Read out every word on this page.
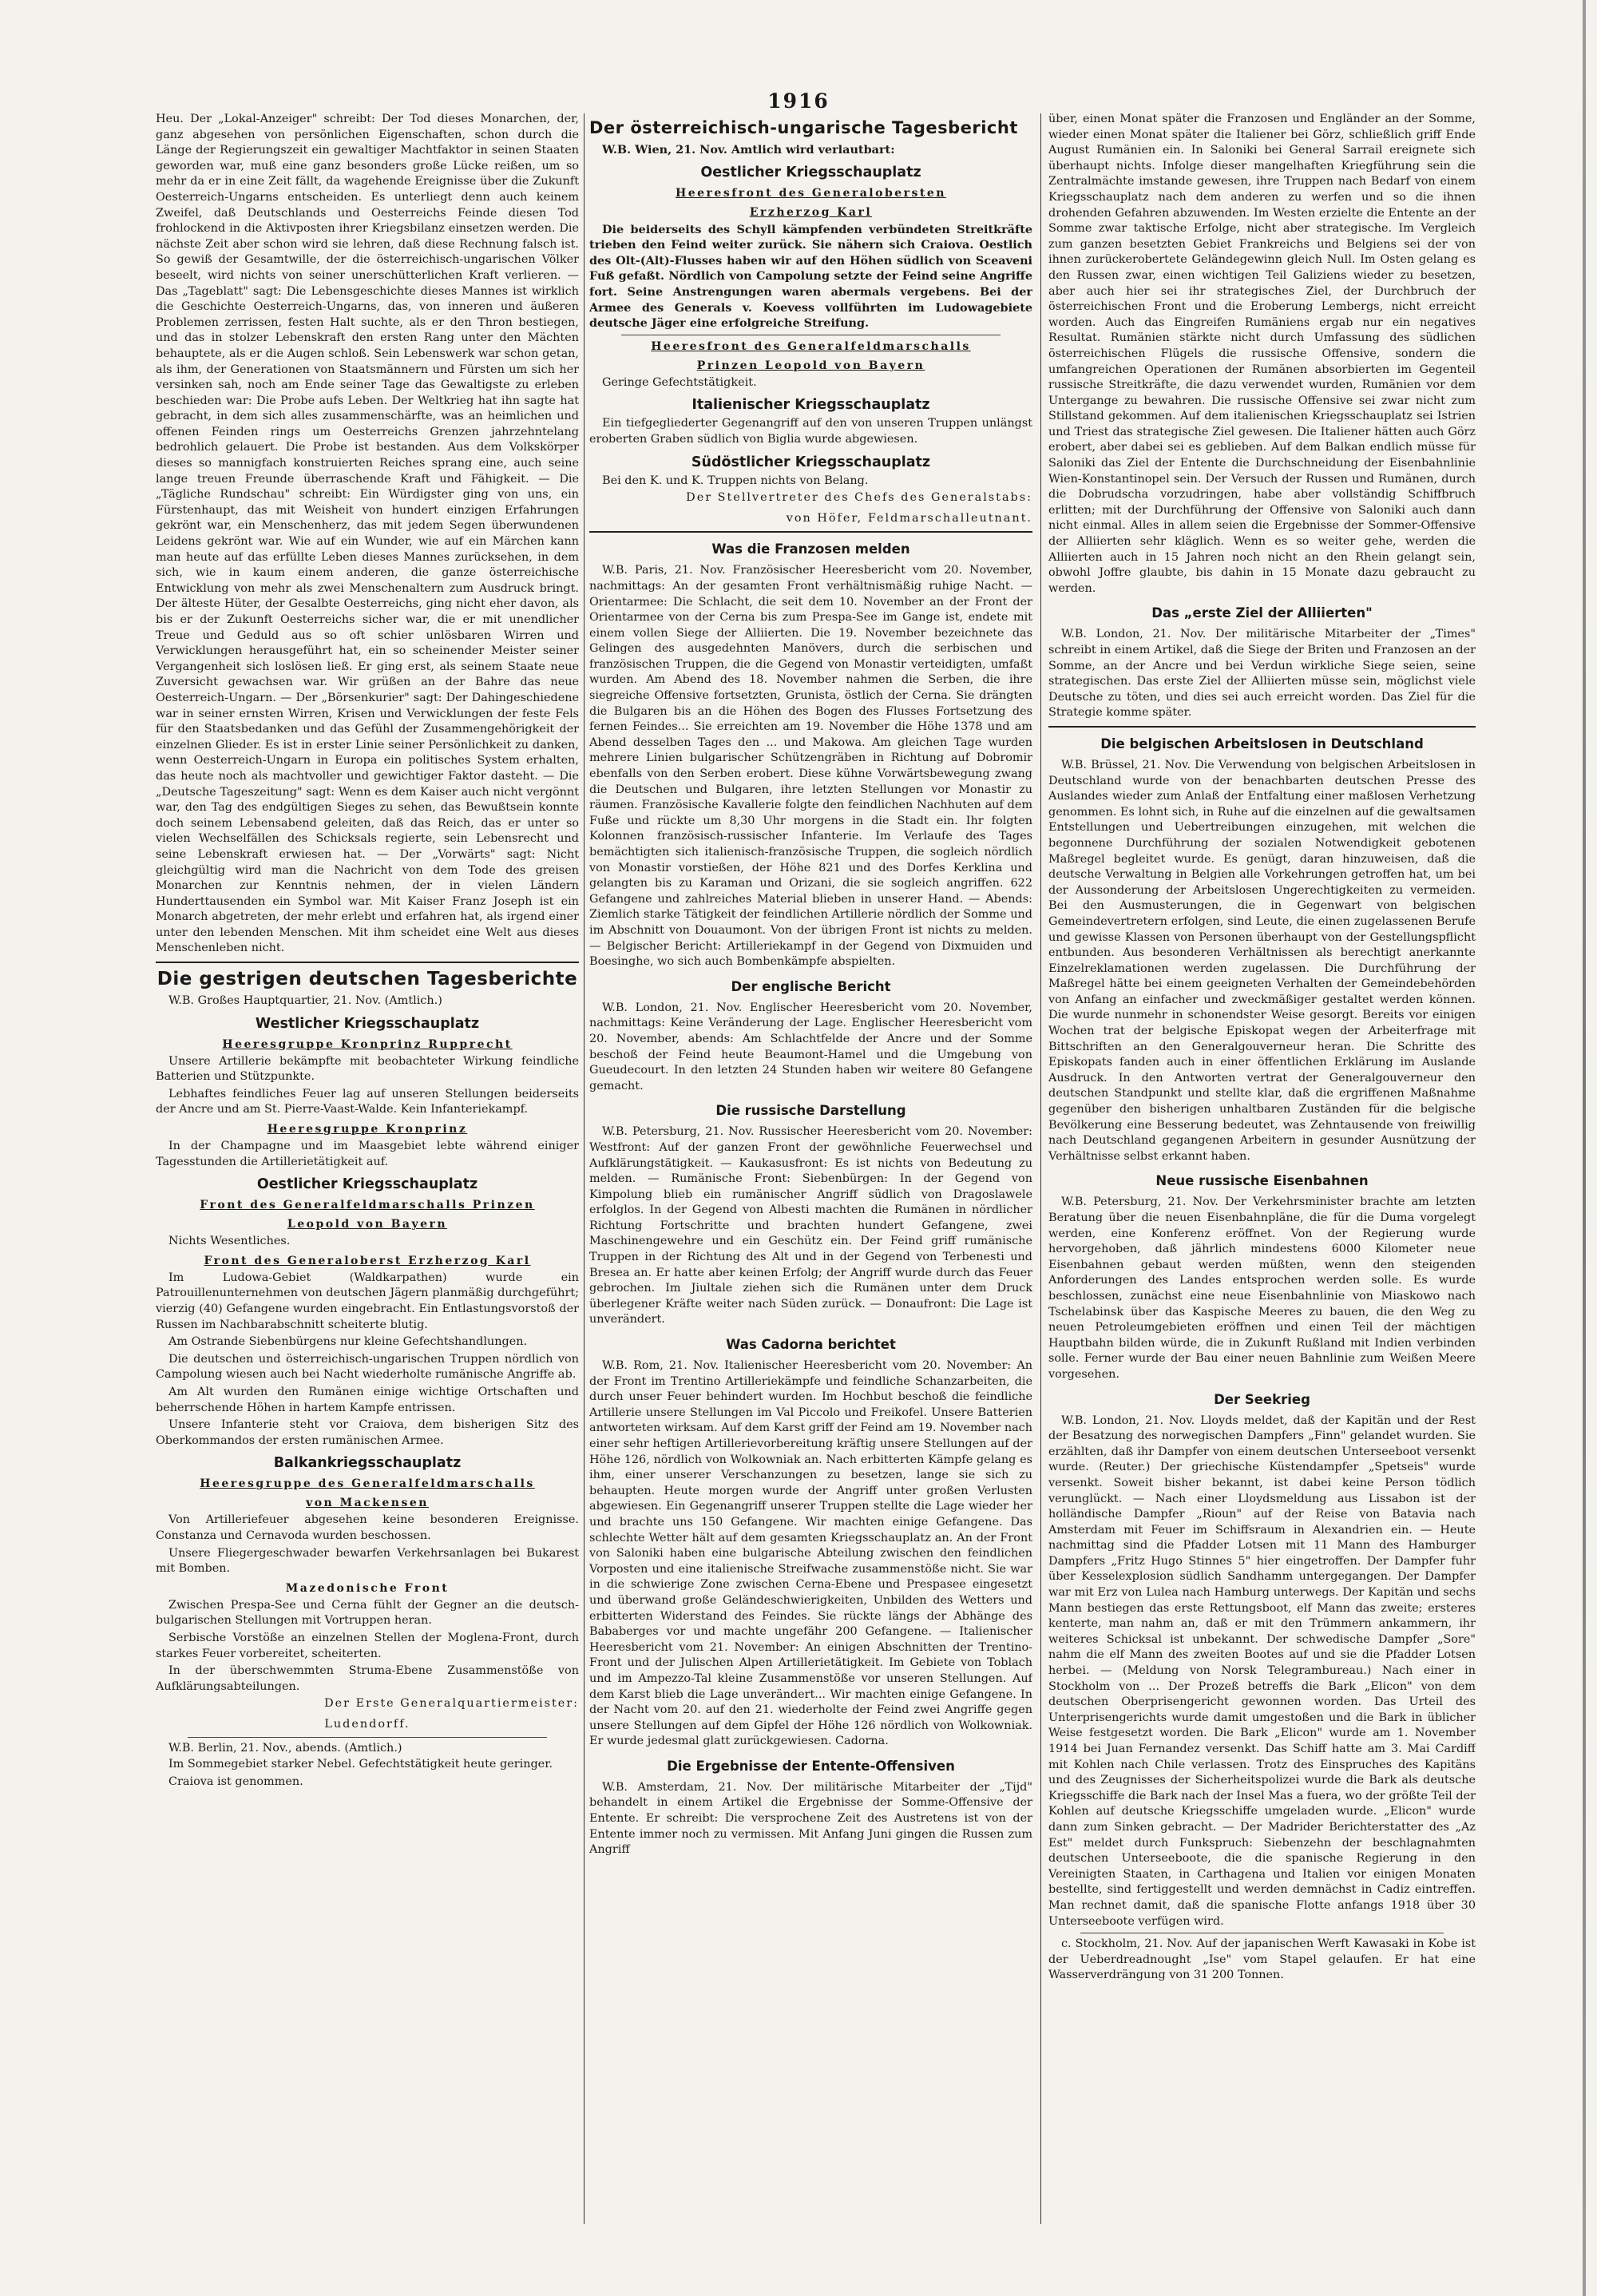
1916

Heu. Der „Lokal-Anzeiger" schreibt: Der Tod dieses Monarchen, der, ganz abgesehen von persönlichen Eigenschaften, schon durch die Länge der Regierungszeit ein gewaltiger Machtfaktor in seinen Staaten geworden war, muß eine ganz besonders große Lücke reißen, um so mehr da er in eine Zeit fällt, da wagehende Ereignisse über die Zukunft Oesterreich-Ungarns entscheiden. Es unterliegt denn auch keinem Zweifel, daß Deutschlands und Oesterreichs Feinde diesen Tod frohlockend in die Aktivposten ihrer Kriegsbilanz einsetzen werden. Die nächste Zeit aber schon wird sie lehren, daß diese Rechnung falsch ist. So gewiß der Gesamtwille, der die österreichisch-ungarischen Völker beseelt, wird nichts von seiner unerschütterlichen Kraft verlieren. — Das „Tageblatt" sagt: Die Lebensgeschichte dieses Mannes ist wirklich die Geschichte Oesterreich-Ungarns, das, von inneren und äußeren Problemen zerrissen, festen Halt suchte, als er den Thron bestiegen, und das in stolzer Lebenskraft den ersten Rang unter den Mächten behauptete, als er die Augen schloß. Sein Lebenswerk war schon getan, als ihm, der Generationen von Staatsmännern und Fürsten um sich her versinken sah, noch am Ende seiner Tage das Gewaltigste zu erleben beschieden war: Die Probe aufs Leben. Der Weltkrieg hat ihn sagte hat gebracht, in dem sich alles zusammenschärfte, was an heimlichen und offenen Feinden rings um Oesterreichs Grenzen jahrzehntelang bedrohlich gelauert. Die Probe ist bestanden. Aus dem Volkskörper dieses so mannigfach konstruierten Reiches sprang eine, auch seine lange treuen Freunde überraschende Kraft und Fähigkeit. — Die „Tägliche Rundschau" schreibt: Ein Würdigster ging von uns, ein Fürstenhaupt, das mit Weisheit von hundert einzigen Erfahrungen gekrönt war, ein Menschenherz, das mit jedem Segen überwundenen Leidens gekrönt war. Wie auf ein Wunder, wie auf ein Märchen kann man heute auf das erfüllte Leben dieses Mannes zurücksehen, in dem sich, wie in kaum einem anderen, die ganze österreichische Entwicklung von mehr als zwei Menschenaltern zum Ausdruck bringt. Der älteste Hüter, der Gesalbte Oesterreichs, ging nicht eher davon, als bis er der Zukunft Oesterreichs sicher war, die er mit unendlicher Treue und Geduld aus so oft schier unlösbaren Wirren und Verwicklungen herausgeführt hat, ein so scheinender Meister seiner Vergangenheit sich loslösen ließ. Er ging erst, als seinem Staate neue Zuversicht gewachsen war. Wir grüßen an der Bahre das neue Oesterreich-Ungarn. — Der „Börsenkurier" sagt: Der Dahingeschiedene war in seiner ernsten Wirren, Krisen und Verwicklungen der feste Fels für den Staatsbedanken und das Gefühl der Zusammengehörigkeit der einzelnen Glieder. Es ist in erster Linie seiner Persönlichkeit zu danken, wenn Oesterreich-Ungarn in Europa ein politisches System erhalten, das heute noch als machtvoller und gewichtiger Faktor dasteht. — Die „Deutsche Tageszeitung" sagt: Wenn es dem Kaiser auch nicht vergönnt war, den Tag des endgültigen Sieges zu sehen, das Bewußtsein konnte doch seinem Lebensabend geleiten, daß das Reich, das er unter so vielen Wechselfällen des Schicksals regierte, sein Lebensrecht und seine Lebenskraft erwiesen hat. — Der „Vorwärts" sagt: Nicht gleichgültig wird man die Nachricht von dem Tode des greisen Monarchen zur Kenntnis nehmen, der in vielen Ländern Hunderttausenden ein Symbol war. Mit Kaiser Franz Joseph ist ein Monarch abgetreten, der mehr erlebt und erfahren hat, als irgend einer unter den lebenden Menschen. Mit ihm scheidet eine Welt aus dieses Menschenleben nicht.

Die gestrigen deutschen Tagesberichte

W.B. Großes Hauptquartier, 21. Nov. (Amtlich.)

Westlicher Kriegsschauplatz
Heeresgruppe Kronprinz Rupprecht

Unsere Artillerie bekämpfte mit beobachteter Wirkung feindliche Batterien und Stützpunkte.

Lebhaftes feindliches Feuer lag auf unseren Stellungen beiderseits der Ancre und am St. Pierre-Vaast-Walde. Kein Infanteriekampf.

Heeresgruppe Kronprinz

In der Champagne und im Maasgebiet lebte während einiger Tagesstunden die Artillerietätigkeit auf.

Oestlicher Kriegsschauplatz
Front des Generalfeldmarschalls Prinzen
Leopold von Bayern

Nichts Wesentliches.

Front des Generaloberst Erzherzog Karl

Im Ludowa-Gebiet (Waldkarpathen) wurde ein Patrouillenunternehmen von deutschen Jägern planmäßig durchgeführt; vierzig (40) Gefangene wurden eingebracht. Ein Entlastungsvorstoß der Russen im Nachbarabschnitt scheiterte blutig.

Am Ostrande Siebenbürgens nur kleine Gefechtshandlungen.

Die deutschen und österreichisch-ungarischen Truppen nördlich von Campolung wiesen auch bei Nacht wiederholte rumänische Angriffe ab.

Am Alt wurden den Rumänen einige wichtige Ortschaften und beherrschende Höhen in hartem Kampfe entrissen.

Unsere Infanterie steht vor Craiova, dem bisherigen Sitz des Oberkommandos der ersten rumänischen Armee.

Balkankriegsschauplatz
Heeresgruppe des Generalfeldmarschalls
von Mackensen

Von Artilleriefeuer abgesehen keine besonderen Ereignisse. Constanza und Cernavoda wurden beschossen.

Unsere Fliegergeschwader bewarfen Verkehrsanlagen bei Bukarest mit Bomben.

Mazedonische Front

Zwischen Prespa-See und Cerna fühlt der Gegner an die deutsch-bulgarischen Stellungen mit Vortruppen heran.

Serbische Vorstöße an einzelnen Stellen der Moglena-Front, durch starkes Feuer vorbereitet, scheiterten.

In der überschwemmten Struma-Ebene Zusammenstöße von Aufklärungsabteilungen.

Der Erste Generalquartiermeister:
Ludendorff.

W.B. Berlin, 21. Nov., abends. (Amtlich.)

Im Sommegebiet starker Nebel. Gefechtstätigkeit heute geringer.

Craiova ist genommen.

Der österreichisch-ungarische Tagesbericht

W.B. Wien, 21. Nov. Amtlich wird verlautbart:

Oestlicher Kriegsschauplatz
Heeresfront des Generalobersten
Erzherzog Karl

Die beiderseits des Schyll kämpfenden verbündeten Streitkräfte trieben den Feind weiter zurück. Sie nähern sich Craiova. Oestlich des Olt-(Alt)-Flusses haben wir auf den Höhen südlich von Sceaveni Fuß gefaßt. Nördlich von Campolung setzte der Feind seine Angriffe fort. Seine Anstrengungen waren abermals vergebens. Bei der Armee des Generals v. Koevess vollführten im Ludowagebiete deutsche Jäger eine erfolgreiche Streifung.

Heeresfront des Generalfeldmarschalls
Prinzen Leopold von Bayern

Geringe Gefechtstätigkeit.

Italienischer Kriegsschauplatz

Ein tiefgegliederter Gegenangriff auf den von unseren Truppen unlängst eroberten Graben südlich von Biglia wurde abgewiesen.

Südöstlicher Kriegsschauplatz

Bei den K. und K. Truppen nichts von Belang.

Der Stellvertreter des Chefs des Generalstabs:
von Höfer, Feldmarschalleutnant.
Was die Franzosen melden

W.B. Paris, 21. Nov. Französischer Heeresbericht vom 20. November, nachmittags: An der gesamten Front verhältnismäßig ruhige Nacht. — Orientarmee: Die Schlacht, die seit dem 10. November an der Front der Orientarmee von der Cerna bis zum Prespa-See im Gange ist, endete mit einem vollen Siege der Alliierten. Die 19. November bezeichnete das Gelingen des ausgedehnten Manövers, durch die serbischen und französischen Truppen, die die Gegend von Monastir verteidigten, umfaßt wurden. Am Abend des 18. November nahmen die Serben, die ihre siegreiche Offensive fortsetzten, Grunista, östlich der Cerna. Sie drängten die Bulgaren bis an die Höhen des Bogen des Flusses Fortsetzung des fernen Feindes... Sie erreichten am 19. November die Höhe 1378 und am Abend desselben Tages den ... und Makowa. Am gleichen Tage wurden mehrere Linien bulgarischer Schützengräben in Richtung auf Dobromir ebenfalls von den Serben erobert. Diese kühne Vorwärtsbewegung zwang die Deutschen und Bulgaren, ihre letzten Stellungen vor Monastir zu räumen. Französische Kavallerie folgte den feindlichen Nachhuten auf dem Fuße und rückte um 8,30 Uhr morgens in die Stadt ein. Ihr folgten Kolonnen französisch-russischer Infanterie. Im Verlaufe des Tages bemächtigten sich italienisch-französische Truppen, die sogleich nördlich von Monastir vorstießen, der Höhe 821 und des Dorfes Kerklina und gelangten bis zu Karaman und Orizani, die sie sogleich angriffen. 622 Gefangene und zahlreiches Material blieben in unserer Hand. — Abends: Ziemlich starke Tätigkeit der feindlichen Artillerie nördlich der Somme und im Abschnitt von Douaumont. Von der übrigen Front ist nichts zu melden. — Belgischer Bericht: Artilleriekampf in der Gegend von Dixmuiden und Boesinghe, wo sich auch Bombenkämpfe abspielten.

Der englische Bericht

W.B. London, 21. Nov. Englischer Heeresbericht vom 20. November, nachmittags: Keine Veränderung der Lage. Englischer Heeresbericht vom 20. November, abends: Am Schlachtfelde der Ancre und der Somme beschoß der Feind heute Beaumont-Hamel und die Umgebung von Gueudecourt. In den letzten 24 Stunden haben wir weitere 80 Gefangene gemacht.

Die russische Darstellung

W.B. Petersburg, 21. Nov. Russischer Heeresbericht vom 20. November: Westfront: Auf der ganzen Front der gewöhnliche Feuerwechsel und Aufklärungstätigkeit. — Kaukasusfront: Es ist nichts von Bedeutung zu melden. — Rumänische Front: Siebenbürgen: In der Gegend von Kimpolung blieb ein rumänischer Angriff südlich von Dragoslawele erfolglos. In der Gegend von Albesti machten die Rumänen in nördlicher Richtung Fortschritte und brachten hundert Gefangene, zwei Maschinengewehre und ein Geschütz ein. Der Feind griff rumänische Truppen in der Richtung des Alt und in der Gegend von Terbenesti und Bresea an. Er hatte aber keinen Erfolg; der Angriff wurde durch das Feuer gebrochen. Im Jiultale ziehen sich die Rumänen unter dem Druck überlegener Kräfte weiter nach Süden zurück. — Donaufront: Die Lage ist unverändert.

Was Cadorna berichtet

W.B. Rom, 21. Nov. Italienischer Heeresbericht vom 20. November: An der Front im Trentino Artilleriekämpfe und feindliche Schanzarbeiten, die durch unser Feuer behindert wurden. Im Hochbut beschoß die feindliche Artillerie unsere Stellungen im Val Piccolo und Freikofel. Unsere Batterien antworteten wirksam. Auf dem Karst griff der Feind am 19. November nach einer sehr heftigen Artillerievorbereitung kräftig unsere Stellungen auf der Höhe 126, nördlich von Wolkowniak an. Nach erbitterten Kämpfe gelang es ihm, einer unserer Verschanzungen zu besetzen, lange sie sich zu behaupten. Heute morgen wurde der Angriff unter großen Verlusten abgewiesen. Ein Gegenangriff unserer Truppen stellte die Lage wieder her und brachte uns 150 Gefangene. Wir machten einige Gefangene. Das schlechte Wetter hält auf dem gesamten Kriegsschauplatz an. An der Front von Saloniki haben eine bulgarische Abteilung zwischen den feindlichen Vorposten und eine italienische Streifwache zusammenstöße nicht. Sie war in die schwierige Zone zwischen Cerna-Ebene und Prespasee eingesetzt und überwand große Geländeschwierigkeiten, Unbilden des Wetters und erbitterten Widerstand des Feindes. Sie rückte längs der Abhänge des Bababerges vor und machte ungefähr 200 Gefangene. — Italienischer Heeresbericht vom 21. November: An einigen Abschnitten der Trentino-Front und der Julischen Alpen Artillerietätigkeit. Im Gebiete von Toblach und im Ampezzo-Tal kleine Zusammenstöße vor unseren Stellungen. Auf dem Karst blieb die Lage unverändert... Wir machten einige Gefangene. In der Nacht vom 20. auf den 21. wiederholte der Feind zwei Angriffe gegen unsere Stellungen auf dem Gipfel der Höhe 126 nördlich von Wolkowniak. Er wurde jedesmal glatt zurückgewiesen. Cadorna.

Die Ergebnisse der Entente-Offensiven

W.B. Amsterdam, 21. Nov. Der militärische Mitarbeiter der „Tijd" behandelt in einem Artikel die Ergebnisse der Somme-Offensive der Entente. Er schreibt: Die versprochene Zeit des Austretens ist von der Entente immer noch zu vermissen. Mit Anfang Juni gingen die Russen zum Angriff

über, einen Monat später die Franzosen und Engländer an der Somme, wieder einen Monat später die Italiener bei Görz, schließlich griff Ende August Rumänien ein. In Saloniki bei General Sarrail ereignete sich überhaupt nichts. Infolge dieser mangelhaften Kriegführung sein die Zentralmächte imstande gewesen, ihre Truppen nach Bedarf von einem Kriegsschauplatz nach dem anderen zu werfen und so die ihnen drohenden Gefahren abzuwenden. Im Westen erzielte die Entente an der Somme zwar taktische Erfolge, nicht aber strategische. Im Vergleich zum ganzen besetzten Gebiet Frankreichs und Belgiens sei der von ihnen zurückerobertete Geländegewinn gleich Null. Im Osten gelang es den Russen zwar, einen wichtigen Teil Galiziens wieder zu besetzen, aber auch hier sei ihr strategisches Ziel, der Durchbruch der österreichischen Front und die Eroberung Lembergs, nicht erreicht worden. Auch das Eingreifen Rumäniens ergab nur ein negatives Resultat. Rumänien stärkte nicht durch Umfassung des südlichen österreichischen Flügels die russische Offensive, sondern die umfangreichen Operationen der Rumänen absorbierten im Gegenteil russische Streitkräfte, die dazu verwendet wurden, Rumänien vor dem Untergange zu bewahren. Die russische Offensive sei zwar nicht zum Stillstand gekommen. Auf dem italienischen Kriegsschauplatz sei Istrien und Triest das strategische Ziel gewesen. Die Italiener hätten auch Görz erobert, aber dabei sei es geblieben. Auf dem Balkan endlich müsse für Saloniki das Ziel der Entente die Durchschneidung der Eisenbahnlinie Wien-Konstantinopel sein. Der Versuch der Russen und Rumänen, durch die Dobrudscha vorzudringen, habe aber vollständig Schiffbruch erlitten; mit der Durchführung der Offensive von Saloniki auch dann nicht einmal. Alles in allem seien die Ergebnisse der Sommer-Offensive der Alliierten sehr kläglich. Wenn es so weiter gehe, werden die Alliierten auch in 15 Jahren noch nicht an den Rhein gelangt sein, obwohl Joffre glaubte, bis dahin in 15 Monate dazu gebraucht zu werden.

Das „erste Ziel der Alliierten"

W.B. London, 21. Nov. Der militärische Mitarbeiter der „Times" schreibt in einem Artikel, daß die Siege der Briten und Franzosen an der Somme, an der Ancre und bei Verdun wirkliche Siege seien, seine strategischen. Das erste Ziel der Alliierten müsse sein, möglichst viele Deutsche zu töten, und dies sei auch erreicht worden. Das Ziel für die Strategie komme später.

Die belgischen Arbeitslosen in Deutschland

W.B. Brüssel, 21. Nov. Die Verwendung von belgischen Arbeitslosen in Deutschland wurde von der benachbarten deutschen Presse des Auslandes wieder zum Anlaß der Entfaltung einer maßlosen Verhetzung genommen. Es lohnt sich, in Ruhe auf die einzelnen auf die gewaltsamen Entstellungen und Uebertreibungen einzugehen, mit welchen die begonnene Durchführung der sozialen Notwendigkeit gebotenen Maßregel begleitet wurde. Es genügt, daran hinzuweisen, daß die deutsche Verwaltung in Belgien alle Vorkehrungen getroffen hat, um bei der Aussonderung der Arbeitslosen Ungerechtigkeiten zu vermeiden. Bei den Ausmusterungen, die in Gegenwart von belgischen Gemeindevertretern erfolgen, sind Leute, die einen zugelassenen Berufe und gewisse Klassen von Personen überhaupt von der Gestellungspflicht entbunden. Aus besonderen Verhältnissen als berechtigt anerkannte Einzelreklamationen werden zugelassen. Die Durchführung der Maßregel hätte bei einem geeigneten Verhalten der Gemeindebehörden von Anfang an einfacher und zweckmäßiger gestaltet werden können. Die wurde nunmehr in schonendster Weise gesorgt. Bereits vor einigen Wochen trat der belgische Episkopat wegen der Arbeiterfrage mit Bittschriften an den Generalgouverneur heran. Die Schritte des Episkopats fanden auch in einer öffentlichen Erklärung im Auslande Ausdruck. In den Antworten vertrat der Generalgouverneur den deutschen Standpunkt und stellte klar, daß die ergriffenen Maßnahme gegenüber den bisherigen unhaltbaren Zuständen für die belgische Bevölkerung eine Besserung bedeutet, was Zehntausende von freiwillig nach Deutschland gegangenen Arbeitern in gesunder Ausnützung der Verhältnisse selbst erkannt haben.

Neue russische Eisenbahnen

W.B. Petersburg, 21. Nov. Der Verkehrsminister brachte am letzten Beratung über die neuen Eisenbahnpläne, die für die Duma vorgelegt werden, eine Konferenz eröffnet. Von der Regierung wurde hervorgehoben, daß jährlich mindestens 6000 Kilometer neue Eisenbahnen gebaut werden müßten, wenn den steigenden Anforderungen des Landes entsprochen werden solle. Es wurde beschlossen, zunächst eine neue Eisenbahnlinie von Miaskowo nach Tschelabinsk über das Kaspische Meeres zu bauen, die den Weg zu neuen Petroleumgebieten eröffnen und einen Teil der mächtigen Hauptbahn bilden würde, die in Zukunft Rußland mit Indien verbinden solle. Ferner wurde der Bau einer neuen Bahnlinie zum Weißen Meere vorgesehen.

Der Seekrieg

W.B. London, 21. Nov. Lloyds meldet, daß der Kapitän und der Rest der Besatzung des norwegischen Dampfers „Finn" gelandet wurden. Sie erzählten, daß ihr Dampfer von einem deutschen Unterseeboot versenkt wurde. (Reuter.) Der griechische Küstendampfer „Spetseis" wurde versenkt. Soweit bisher bekannt, ist dabei keine Person tödlich verunglückt. — Nach einer Lloydsmeldung aus Lissabon ist der holländische Dampfer „Rioun" auf der Reise von Batavia nach Amsterdam mit Feuer im Schiffsraum in Alexandrien ein. — Heute nachmittag sind die Pfadder Lotsen mit 11 Mann des Hamburger Dampfers „Fritz Hugo Stinnes 5" hier eingetroffen. Der Dampfer fuhr über Kesselexplosion südlich Sandhamm untergegangen. Der Dampfer war mit Erz von Lulea nach Hamburg unterwegs. Der Kapitän und sechs Mann bestiegen das erste Rettungsboot, elf Mann das zweite; ersteres kenterte, man nahm an, daß er mit den Trümmern ankammern, ihr weiteres Schicksal ist unbekannt. Der schwedische Dampfer „Sore" nahm die elf Mann des zweiten Bootes auf und sie die Pfadder Lotsen herbei. — (Meldung von Norsk Telegrambureau.) Nach einer in Stockholm von ... Der Prozeß betreffs die Bark „Elicon" von dem deutschen Oberprisengericht gewonnen worden. Das Urteil des Unterprisengerichts wurde damit umgestoßen und die Bark in üblicher Weise festgesetzt worden. Die Bark „Elicon" wurde am 1. November 1914 bei Juan Fernandez versenkt. Das Schiff hatte am 3. Mai Cardiff mit Kohlen nach Chile verlassen. Trotz des Einspruches des Kapitäns und des Zeugnisses der Sicherheitspolizei wurde die Bark als deutsche Kriegsschiffe die Bark nach der Insel Mas a fuera, wo der größte Teil der Kohlen auf deutsche Kriegsschiffe umgeladen wurde. „Elicon" wurde dann zum Sinken gebracht. — Der Madrider Berichterstatter des „Az Est" meldet durch Funkspruch: Siebenzehn der beschlagnahmten deutschen Unterseeboote, die die spanische Regierung in den Vereinigten Staaten, in Carthagena und Italien vor einigen Monaten bestellte, sind fertiggestellt und werden demnächst in Cadiz eintreffen. Man rechnet damit, daß die spanische Flotte anfangs 1918 über 30 Unterseeboote verfügen wird.

c. Stockholm, 21. Nov. Auf der japanischen Werft Kawasaki in Kobe ist der Ueberdreadnought „Ise" vom Stapel gelaufen. Er hat eine Wasserverdrängung von 31 200 Tonnen.
